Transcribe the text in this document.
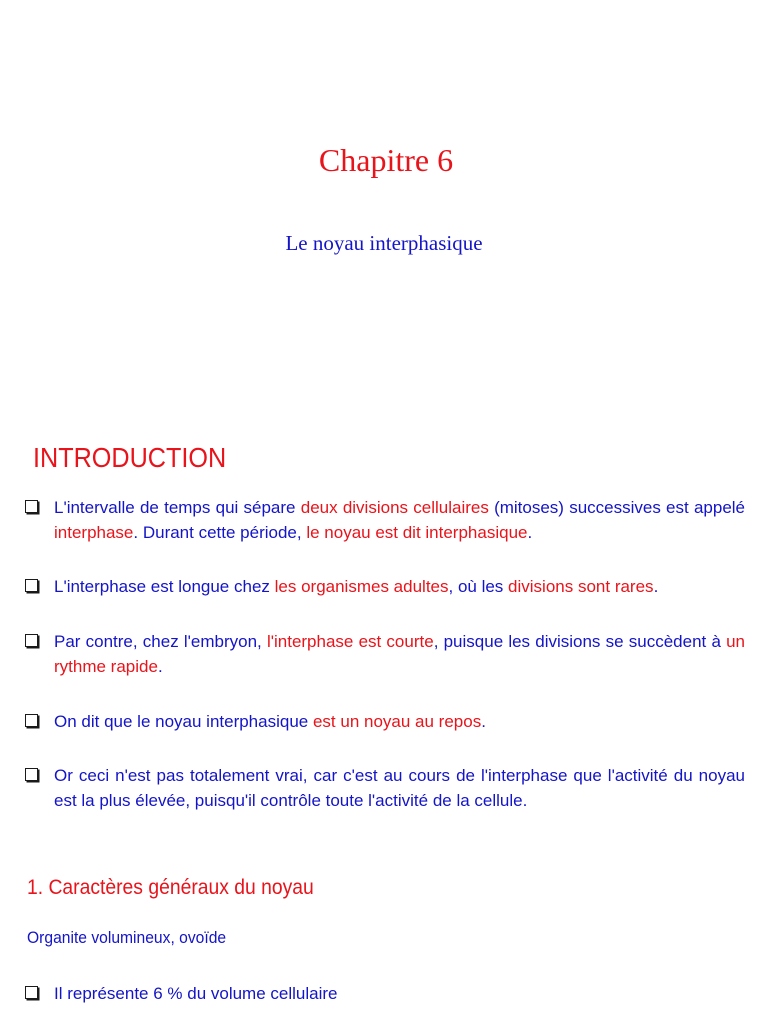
Chapitre 6
Le noyau interphasique
INTRODUCTION
L'intervalle de temps qui sépare deux divisions cellulaires (mitoses) successives est appelé interphase. Durant cette période, le noyau est dit interphasique.
L'interphase est longue chez les organismes adultes, où les divisions sont rares.
Par contre, chez l'embryon, l'interphase est courte, puisque les divisions se succèdent à un rythme rapide.
On dit que le noyau interphasique est un noyau au repos.
Or ceci n'est pas totalement vrai, car c'est au cours de l'interphase que l'activité du noyau est la plus élevée, puisqu'il contrôle toute l'activité de la cellule.
1. Caractères généraux du noyau
Organite volumineux, ovoïde
Il représente 6 % du volume cellulaire
